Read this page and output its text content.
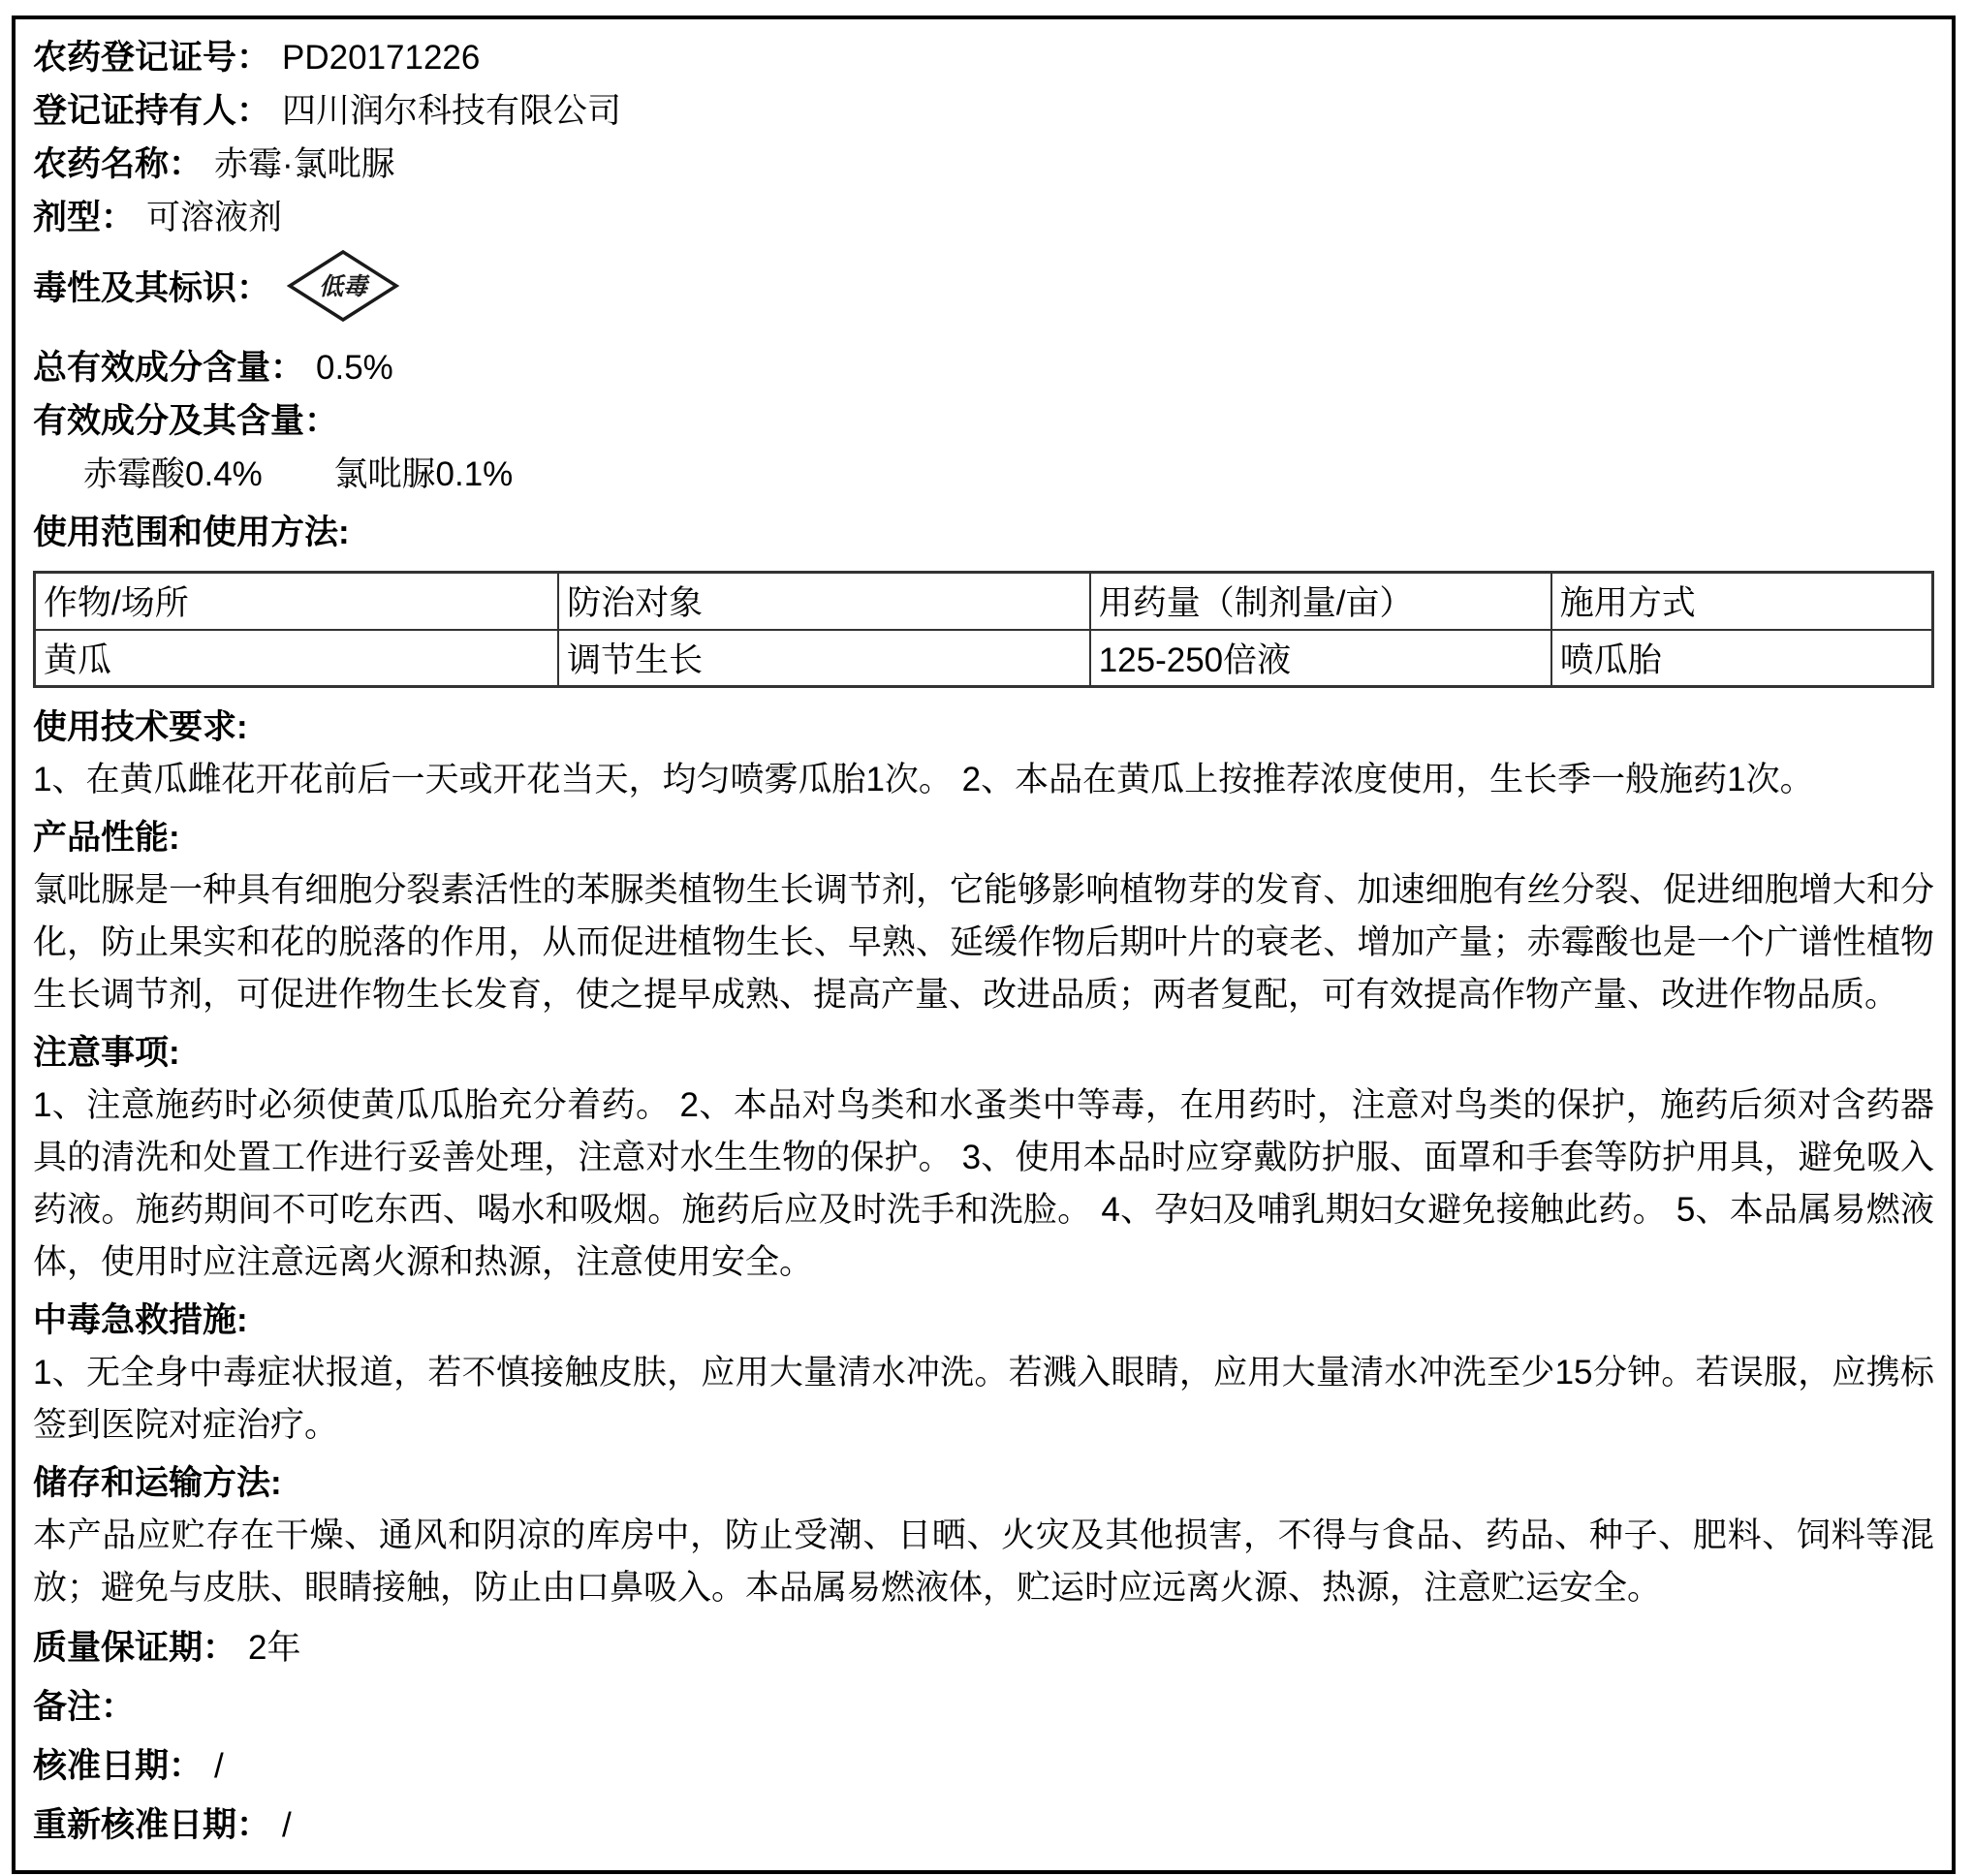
农药登记证号： PD20171226
登记证持有人： 四川润尔科技有限公司
农药名称： 赤霉·氯吡脲
剂型： 可溶液剂
毒性及其标识： 低毒
总有效成分含量： 0.5%
有效成分及其含量：
赤霉酸0.4% 氯吡脲0.1%
使用范围和使用方法:
作物/场所	防治对象	用药量（制剂量/亩）	施用方式
黄瓜	调节生长	125-250倍液	喷瓜胎
使用技术要求:

1、在黄瓜雌花开花前后一天或开花当天，均匀喷雾瓜胎1次。 2、本品在黄瓜上按推荐浓度使用，生长季一般施药1次。

产品性能:

氯吡脲是一种具有细胞分裂素活性的苯脲类植物生长调节剂，它能够影响植物芽的发育、加速细胞有丝分裂、促进细胞增大和分化，防止果实和花的脱落的作用，从而促进植物生长、早熟、延缓作物后期叶片的衰老、增加产量；赤霉酸也是一个广谱性植物生长调节剂，可促进作物生长发育，使之提早成熟、提高产量、改进品质；两者复配，可有效提高作物产量、改进作物品质。

注意事项:

1、注意施药时必须使黄瓜瓜胎充分着药。 2、本品对鸟类和水蚤类中等毒，在用药时，注意对鸟类的保护，施药后须对含药器具的清洗和处置工作进行妥善处理，注意对水生生物的保护。 3、使用本品时应穿戴防护服、面罩和手套等防护用具，避免吸入药液。施药期间不可吃东西、喝水和吸烟。施药后应及时洗手和洗脸。 4、孕妇及哺乳期妇女避免接触此药。 5、本品属易燃液体，使用时应注意远离火源和热源，注意使用安全。

中毒急救措施:

1、无全身中毒症状报道，若不慎接触皮肤，应用大量清水冲洗。若溅入眼睛，应用大量清水冲洗至少15分钟。若误服，应携标签到医院对症治疗。

储存和运输方法:

本产品应贮存在干燥、通风和阴凉的库房中，防止受潮、日晒、火灾及其他损害，不得与食品、药品、种子、肥料、饲料等混放；避免与皮肤、眼睛接触，防止由口鼻吸入。本品属易燃液体，贮运时应远离火源、热源，注意贮运安全。

质量保证期： 2年
备注：
核准日期： /
重新核准日期： /
